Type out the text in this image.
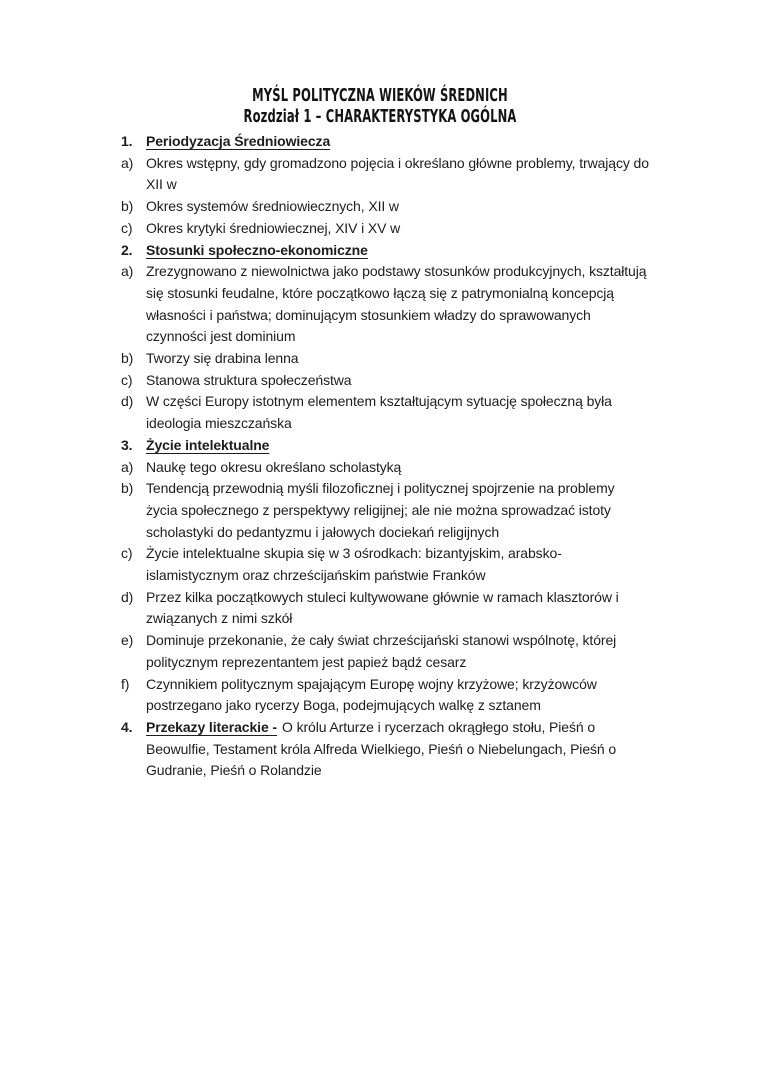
MYŚL POLITYCZNA WIEKÓW ŚREDNICH
Rozdział 1 – CHARAKTERYSTYKA OGÓLNA
1. Periodyzacja Średniowiecza
a) Okres wstępny, gdy gromadzono pojęcia i określano główne problemy, trwający do XII w
b) Okres systemów średniowiecznych, XII w
c) Okres krytyki średniowiecznej, XIV i XV w
2. Stosunki społeczno-ekonomiczne
a) Zrezygnowano z niewolnictwa jako podstawy stosunków produkcyjnych, kształtują się stosunki feudalne, które początkowo łączą się z patrymonialną koncepcją własności i państwa; dominującym stosunkiem władzy do sprawowanych czynności jest dominium
b) Tworzy się drabina lenna
c) Stanowa struktura społeczeństwa
d) W części Europy istotnym elementem kształtującym sytuację społeczną była ideologia mieszczańska
3. Życie intelektualne
a) Naukę tego okresu określano scholastyką
b) Tendencją przewodnią myśli filozoficznej i politycznej spojrzenie na problemy życia społecznego z perspektywy religijnej; ale nie można sprowadzać istoty scholastyki do pedantyzmu i jałowych dociekań religijnych
c) Życie intelektualne skupia się w 3 ośrodkach: bizantyjskim, arabsko-islamistycznym oraz chrześcijańskim państwie Franków
d) Przez kilka początkowych stuleci kultywowane głównie w ramach klasztorów i związanych z nimi szkół
e) Dominuje przekonanie, że cały świat chrześcijański stanowi wspólnotę, której politycznym reprezentantem jest papież bądź cesarz
f)	Czynnikiem politycznym spajającym Europę wojny krzyżowe; krzyżowców postrzegano jako rycerzy Boga, podejmujących walkę z sztanem
4. Przekazy literackie - O królu Arturze i rycerzach okrągłego stołu, Pieśń o Beowulfie, Testament króla Alfreda Wielkiego, Pieśń o Niebelungach, Pieśń o Gudranie, Pieśń o Rolandzie
